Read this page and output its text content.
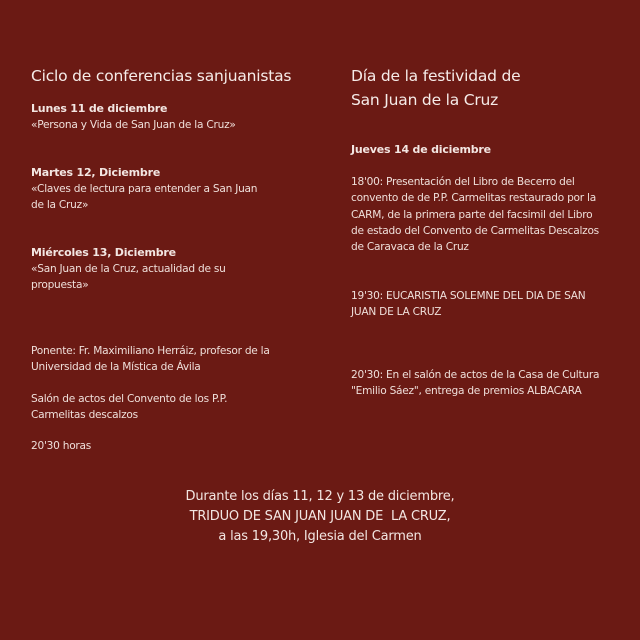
Ciclo de conferencias sanjuanistas

Lunes 11 de diciembre

«Persona y Vida de San Juan de la Cruz»

Martes 12, Diciembre

«Claves de lectura para entender a San Juan

de la Cruz»

Miércoles 13, Diciembre

«San Juan de la Cruz, actualidad de su

propuesta»

Ponente: Fr. Maximiliano Herráiz, profesor de la

Universidad de la Mística de Ávila

Salón de actos del Convento de los P.P.

Carmelitas descalzos

20'30 horas

Día de la festividad de
San Juan de la Cruz

Jueves 14 de diciembre

18'00: Presentación del Libro de Becerro del

convento de de P.P. Carmelitas restaurado por la

CARM, de la primera parte del facsimil del Libro

de estado del Convento de Carmelitas Descalzos

de Caravaca de la Cruz

19'30: EUCARISTIA SOLEMNE DEL DIA DE SAN

JUAN DE LA CRUZ

20'30: En el salón de actos de la Casa de Cultura

"Emilio Sáez", entrega de premios ALBACARA

Durante los días 11, 12 y 13 de diciembre,
TRIDUO DE SAN JUAN JUAN DE  LA CRUZ,
a las 19,30h, Iglesia del Carmen
